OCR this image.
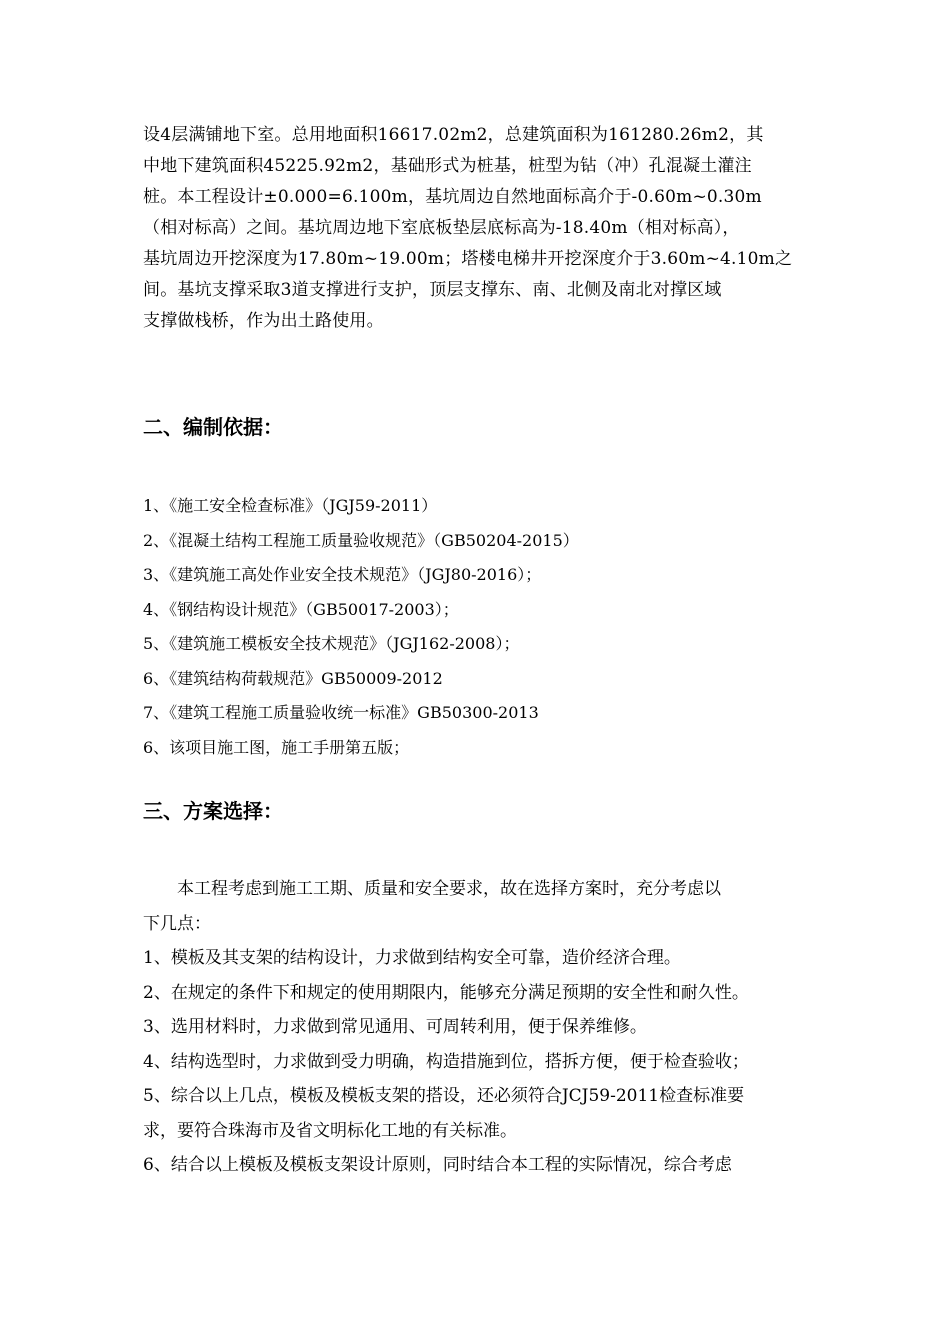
设4层满铺地下室。总用地面积16617.02m2，总建筑面积为161280.26m2，其
中地下建筑面积45225.92m2，基础形式为桩基，桩型为钻（冲）孔混凝土灌注
桩。本工程设计±0.000=6.100m，基坑周边自然地面标高介于-0.60m~0.30m
（相对标高）之间。基坑周边地下室底板垫层底标高为-18.40m（相对标高），
基坑周边开挖深度为17.80m~19.00m；塔楼电梯井开挖深度介于3.60m~4.10m之
间。基坑支撑采取3道支撑进行支护，顶层支撑东、南、北侧及南北对撑区域
支撑做栈桥，作为出土路使用。
二、编制依据：
1、《施工安全检查标准》（JGJ59-2011）
2、《混凝土结构工程施工质量验收规范》（GB50204-2015）
3、《建筑施工高处作业安全技术规范》（JGJ80-2016）；
4、《钢结构设计规范》（GB50017-2003）；
5、《建筑施工模板安全技术规范》（JGJ162-2008）；
6、《建筑结构荷载规范》GB50009-2012
7、《建筑工程施工质量验收统一标准》GB50300-2013
6、该项目施工图，施工手册第五版；
三、方案选择：
本工程考虑到施工工期、质量和安全要求，故在选择方案时，充分考虑以
下几点：
1、模板及其支架的结构设计，力求做到结构安全可靠，造价经济合理。
2、在规定的条件下和规定的使用期限内，能够充分满足预期的安全性和耐久性。
3、选用材料时，力求做到常见通用、可周转利用，便于保养维修。
4、结构选型时，力求做到受力明确，构造措施到位，搭拆方便，便于检查验收；
5、综合以上几点，模板及模板支架的搭设，还必须符合JCJ59-2011检查标准要
求，要符合珠海市及省文明标化工地的有关标准。
6、结合以上模板及模板支架设计原则，同时结合本工程的实际情况，综合考虑
